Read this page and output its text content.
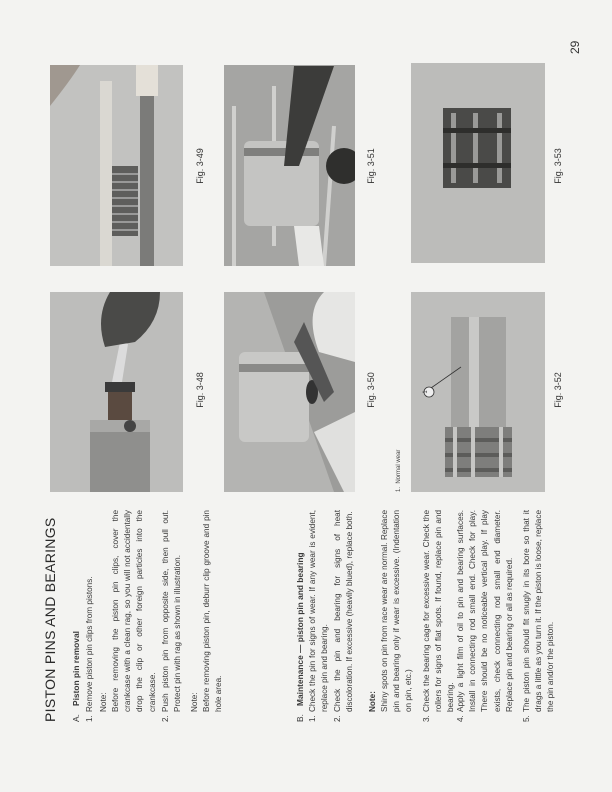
PISTON PINS AND BEARINGS A.Piston pin removal
1.
Remove piston pin clips from pistons. Note: Before removing the piston pin clips, cover the crankcase with a clean rag, so you will not accidentally drop the clip or other foreign particles into the crankcase.
2.
Push piston pin from opposite side, then pull out. Protect pin with rag as shown in illustration. Note: Before removing piston pin, deburr clip groove and pin hole area.
B.Maintenance — piston pin and bearing
1.
Check the pin for signs of wear. If any wear is evident, replace pin and bearing.
2.
Check the pin and bearing for signs of heat discoloration. If excessive (heavily blued), replace both. Note: Shiny spots on pin from race wear are normal. Replace pin and bearing only if wear is excessive. (Indentation on pin, etc.)
3.
Check the bearing cage for excessive wear. Check the rollers for signs of flat spots. If found, replace pin and bearing.
4.
Apply a light film of oil to pin and bearing surfaces. Install in connecting rod small end. Check for play. There should be no noticeable vertical play. If play exists, check connecting rod small end diameter. Replace pin and bearing or all as required.
5.
The piston pin should fit snugly in its bore so that it drags a little as you turn it. If the piston is loose, replace the pin and/or the piston.
1
Fig. 3-48
Fig. 3-49
Fig. 3-50
Fig. 3-51
Fig. 3-52
Fig. 3-53
1.  Normal wear
29
